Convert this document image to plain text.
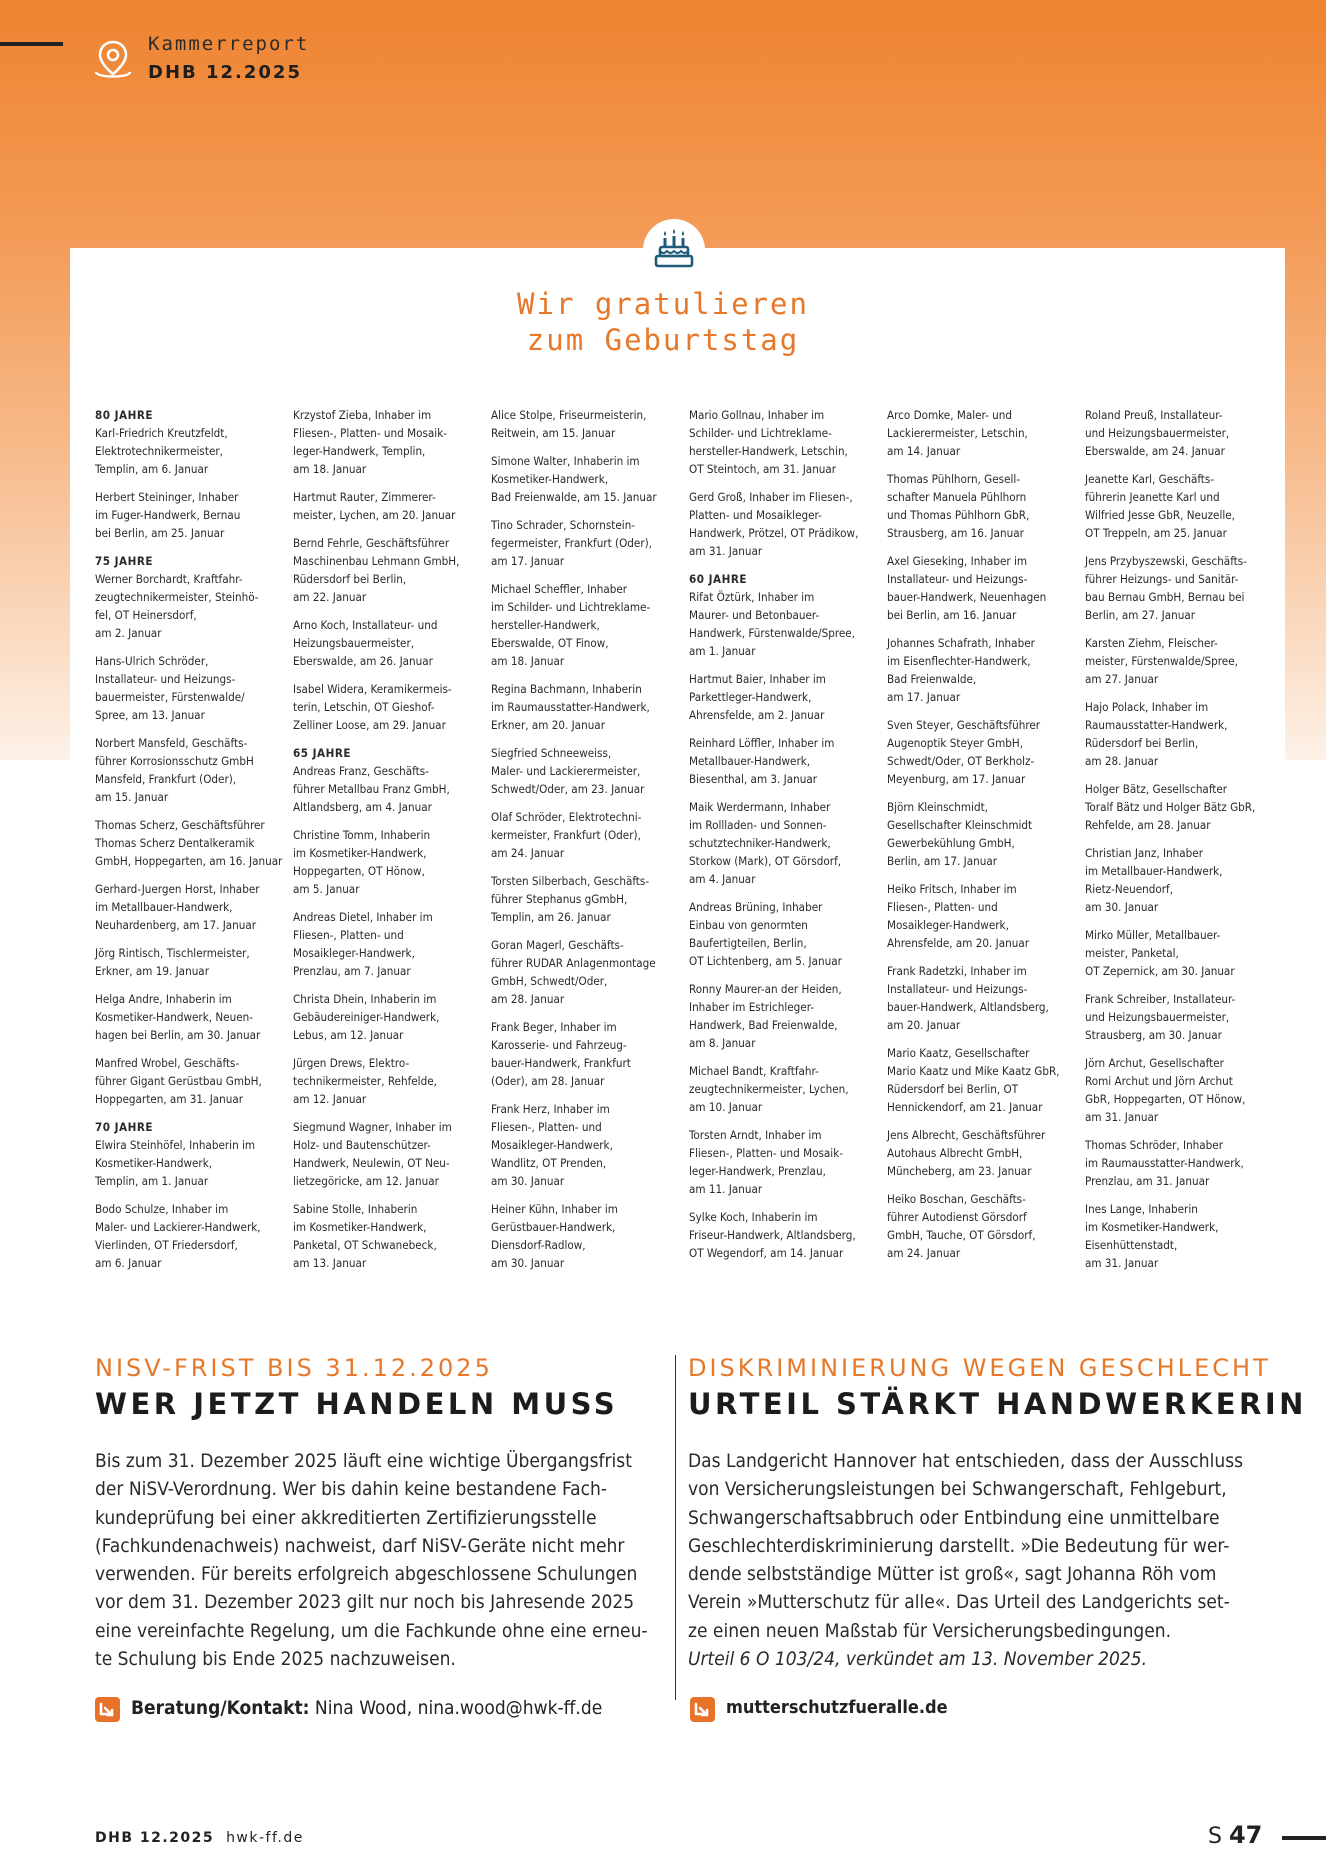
Kammerreport
DHB 12.2025
Wir gratulieren
zum Geburtstag
80 JAHRE
Karl-Friedrich Kreutzfeldt,
Elektrotechnikermeister,
Templin, am 6. Januar
Herbert Steininger, Inhaber
im Fuger-Handwerk, Bernau
bei Berlin, am 25. Januar
75 JAHRE
Werner Borchardt, Kraftfahr-
zeugtechnikermeister, Steinhö-
fel, OT Heinersdorf,
am 2. Januar
Hans-Ulrich Schröder,
Installateur- und Heizungs-
bauermeister, Fürstenwalde/
Spree, am 13. Januar
Norbert Mansfeld, Geschäfts-
führer Korrosionsschutz GmbH
Mansfeld, Frankfurt (Oder),
am 15. Januar
Thomas Scherz, Geschäftsführer
Thomas Scherz Dentalkeramik
GmbH, Hoppegarten, am 16. Januar
Gerhard-Juergen Horst, Inhaber
im Metallbauer-Handwerk,
Neuhardenberg, am 17. Januar
Jörg Rintisch, Tischlermeister,
Erkner, am 19. Januar
Helga Andre, Inhaberin im
Kosmetiker-Handwerk, Neuen-
hagen bei Berlin, am 30. Januar
Manfred Wrobel, Geschäfts-
führer Gigant Gerüstbau GmbH,
Hoppegarten, am 31. Januar
70 JAHRE
Elwira Steinhöfel, Inhaberin im
Kosmetiker-Handwerk,
Templin, am 1. Januar
Bodo Schulze, Inhaber im
Maler- und Lackierer-Handwerk,
Vierlinden, OT Friedersdorf,
am 6. Januar
Krzystof Zieba, Inhaber im
Fliesen-, Platten- und Mosaik-
leger-Handwerk, Templin,
am 18. Januar
Hartmut Rauter, Zimmerer-
meister, Lychen, am 20. Januar
Bernd Fehrle, Geschäftsführer
Maschinenbau Lehmann GmbH,
Rüdersdorf bei Berlin,
am 22. Januar
Arno Koch, Installateur- und
Heizungsbauermeister,
Eberswalde, am 26. Januar
Isabel Widera, Keramikermeis-
terin, Letschin, OT Gieshof-
Zelliner Loose, am 29. Januar
65 JAHRE
Andreas Franz, Geschäfts-
führer Metallbau Franz GmbH,
Altlandsberg, am 4. Januar
Christine Tomm, Inhaberin
im Kosmetiker-Handwerk,
Hoppegarten, OT Hönow,
am 5. Januar
Andreas Dietel, Inhaber im
Fliesen-, Platten- und
Mosaikleger-Handwerk,
Prenzlau, am 7. Januar
Christa Dhein, Inhaberin im
Gebäudereiniger-Handwerk,
Lebus, am 12. Januar
Jürgen Drews, Elektro-
technikermeister, Rehfelde,
am 12. Januar
Siegmund Wagner, Inhaber im
Holz- und Bautenschützer-
Handwerk, Neulewin, OT Neu-
lietzegöricke, am 12. Januar
Sabine Stolle, Inhaberin
im Kosmetiker-Handwerk,
Panketal, OT Schwanebeck,
am 13. Januar
Alice Stolpe, Friseurmeisterin,
Reitwein, am 15. Januar
Simone Walter, Inhaberin im
Kosmetiker-Handwerk,
Bad Freienwalde, am 15. Januar
Tino Schrader, Schornstein-
fegermeister, Frankfurt (Oder),
am 17. Januar
Michael Scheffler, Inhaber
im Schilder- und Lichtreklame-
hersteller-Handwerk,
Eberswalde, OT Finow,
am 18. Januar
Regina Bachmann, Inhaberin
im Raumausstatter-Handwerk,
Erkner, am 20. Januar
Siegfried Schneeweiss,
Maler- und Lackierermeister,
Schwedt/Oder, am 23. Januar
Olaf Schröder, Elektrotechni-
kermeister, Frankfurt (Oder),
am 24. Januar
Torsten Silberbach, Geschäfts-
führer Stephanus gGmbH,
Templin, am 26. Januar
Goran Magerl, Geschäfts-
führer RUDAR Anlagenmontage
GmbH, Schwedt/Oder,
am 28. Januar
Frank Beger, Inhaber im
Karosserie- und Fahrzeug-
bauer-Handwerk, Frankfurt
(Oder), am 28. Januar
Frank Herz, Inhaber im
Fliesen-, Platten- und
Mosaikleger-Handwerk,
Wandlitz, OT Prenden,
am 30. Januar
Heiner Kühn, Inhaber im
Gerüstbauer-Handwerk,
Diensdorf-Radlow,
am 30. Januar
Mario Gollnau, Inhaber im
Schilder- und Lichtreklame-
hersteller-Handwerk, Letschin,
OT Steintoch, am 31. Januar
Gerd Groß, Inhaber im Fliesen-,
Platten- und Mosaikleger-
Handwerk, Prötzel, OT Prädikow,
am 31. Januar
60 JAHRE
Rifat Öztürk, Inhaber im
Maurer- und Betonbauer-
Handwerk, Fürstenwalde/Spree,
am 1. Januar
Hartmut Baier, Inhaber im
Parkettleger-Handwerk,
Ahrensfelde, am 2. Januar
Reinhard Löffler, Inhaber im
Metallbauer-Handwerk,
Biesenthal, am 3. Januar
Maik Werdermann, Inhaber
im Rollladen- und Sonnen-
schutztechniker-Handwerk,
Storkow (Mark), OT Görsdorf,
am 4. Januar
Andreas Brüning, Inhaber
Einbau von genormten
Baufertigteilen, Berlin,
OT Lichtenberg, am 5. Januar
Ronny Maurer-an der Heiden,
Inhaber im Estrichleger-
Handwerk, Bad Freienwalde,
am 8. Januar
Michael Bandt, Kraftfahr-
zeugtechnikermeister, Lychen,
am 10. Januar
Torsten Arndt, Inhaber im
Fliesen-, Platten- und Mosaik-
leger-Handwerk, Prenzlau,
am 11. Januar
Sylke Koch, Inhaberin im
Friseur-Handwerk, Altlandsberg,
OT Wegendorf, am 14. Januar
Arco Domke, Maler- und
Lackierermeister, Letschin,
am 14. Januar
Thomas Pühlhorn, Gesell-
schafter Manuela Pühlhorn
und Thomas Pühlhorn GbR,
Strausberg, am 16. Januar
Axel Gieseking, Inhaber im
Installateur- und Heizungs-
bauer-Handwerk, Neuenhagen
bei Berlin, am 16. Januar
Johannes Schafrath, Inhaber
im Eisenflechter-Handwerk,
Bad Freienwalde,
am 17. Januar
Sven Steyer, Geschäftsführer
Augenoptik Steyer GmbH,
Schwedt/Oder, OT Berkholz-
Meyenburg, am 17. Januar
Björn Kleinschmidt,
Gesellschafter Kleinschmidt
Gewerbekühlung GmbH,
Berlin, am 17. Januar
Heiko Fritsch, Inhaber im
Fliesen-, Platten- und
Mosaikleger-Handwerk,
Ahrensfelde, am 20. Januar
Frank Radetzki, Inhaber im
Installateur- und Heizungs-
bauer-Handwerk, Altlandsberg,
am 20. Januar
Mario Kaatz, Gesellschafter
Mario Kaatz und Mike Kaatz GbR,
Rüdersdorf bei Berlin, OT
Hennickendorf, am 21. Januar
Jens Albrecht, Geschäftsführer
Autohaus Albrecht GmbH,
Müncheberg, am 23. Januar
Heiko Boschan, Geschäfts-
führer Autodienst Görsdorf
GmbH, Tauche, OT Görsdorf,
am 24. Januar
Roland Preuß, Installateur-
und Heizungsbauermeister,
Eberswalde, am 24. Januar
Jeanette Karl, Geschäfts-
führerin Jeanette Karl und
Wilfried Jesse GbR, Neuzelle,
OT Treppeln, am 25. Januar
Jens Przybyszewski, Geschäfts-
führer Heizungs- und Sanitär-
bau Bernau GmbH, Bernau bei
Berlin, am 27. Januar
Karsten Ziehm, Fleischer-
meister, Fürstenwalde/Spree,
am 27. Januar
Hajo Polack, Inhaber im
Raumausstatter-Handwerk,
Rüdersdorf bei Berlin,
am 28. Januar
Holger Bätz, Gesellschafter
Toralf Bätz und Holger Bätz GbR,
Rehfelde, am 28. Januar
Christian Janz, Inhaber
im Metallbauer-Handwerk,
Rietz-Neuendorf,
am 30. Januar
Mirko Müller, Metallbauer-
meister, Panketal,
OT Zepernick, am 30. Januar
Frank Schreiber, Installateur-
und Heizungsbauermeister,
Strausberg, am 30. Januar
Jörn Archut, Gesellschafter
Romi Archut und Jörn Archut
GbR, Hoppegarten, OT Hönow,
am 31. Januar
Thomas Schröder, Inhaber
im Raumausstatter-Handwerk,
Prenzlau, am 31. Januar
Ines Lange, Inhaberin
im Kosmetiker-Handwerk,
Eisenhüttenstadt,
am 31. Januar
NISV-FRIST BIS 31.12.2025
WER JETZT HANDELN MUSS
Bis zum 31. Dezember 2025 läuft eine wichtige Übergangsfrist
der NiSV-Verordnung. Wer bis dahin keine bestandene Fach-
kundeprüfung bei einer akkreditierten Zertifizierungsstelle
(Fachkundenachweis) nachweist, darf NiSV-Geräte nicht mehr
verwenden. Für bereits erfolgreich abgeschlossene Schulungen
vor dem 31. Dezember 2023 gilt nur noch bis Jahresende 2025
eine vereinfachte Regelung, um die Fachkunde ohne eine erneu-
te Schulung bis Ende 2025 nachzuweisen.
Beratung/Kontakt: Nina Wood, nina.wood@hwk-ff.de
DISKRIMINIERUNG WEGEN GESCHLECHT
URTEIL STÄRKT HANDWERKERIN
Das Landgericht Hannover hat entschieden, dass der Ausschluss
von Versicherungsleistungen bei Schwangerschaft, Fehlgeburt,
Schwangerschaftsabbruch oder Entbindung eine unmittelbare
Geschlechterdiskriminierung darstellt. »Die Bedeutung für wer-
dende selbstständige Mütter ist groß«, sagt Johanna Röh vom
Verein »Mutterschutz für alle«. Das Urteil des Landgerichts set-
ze einen neuen Maßstab für Versicherungsbedingungen.
Urteil 6 O 103/24, verkündet am 13. November 2025.
mutterschutzfueralle.de
DHB 12.2025 hwk-ff.de	S 47
